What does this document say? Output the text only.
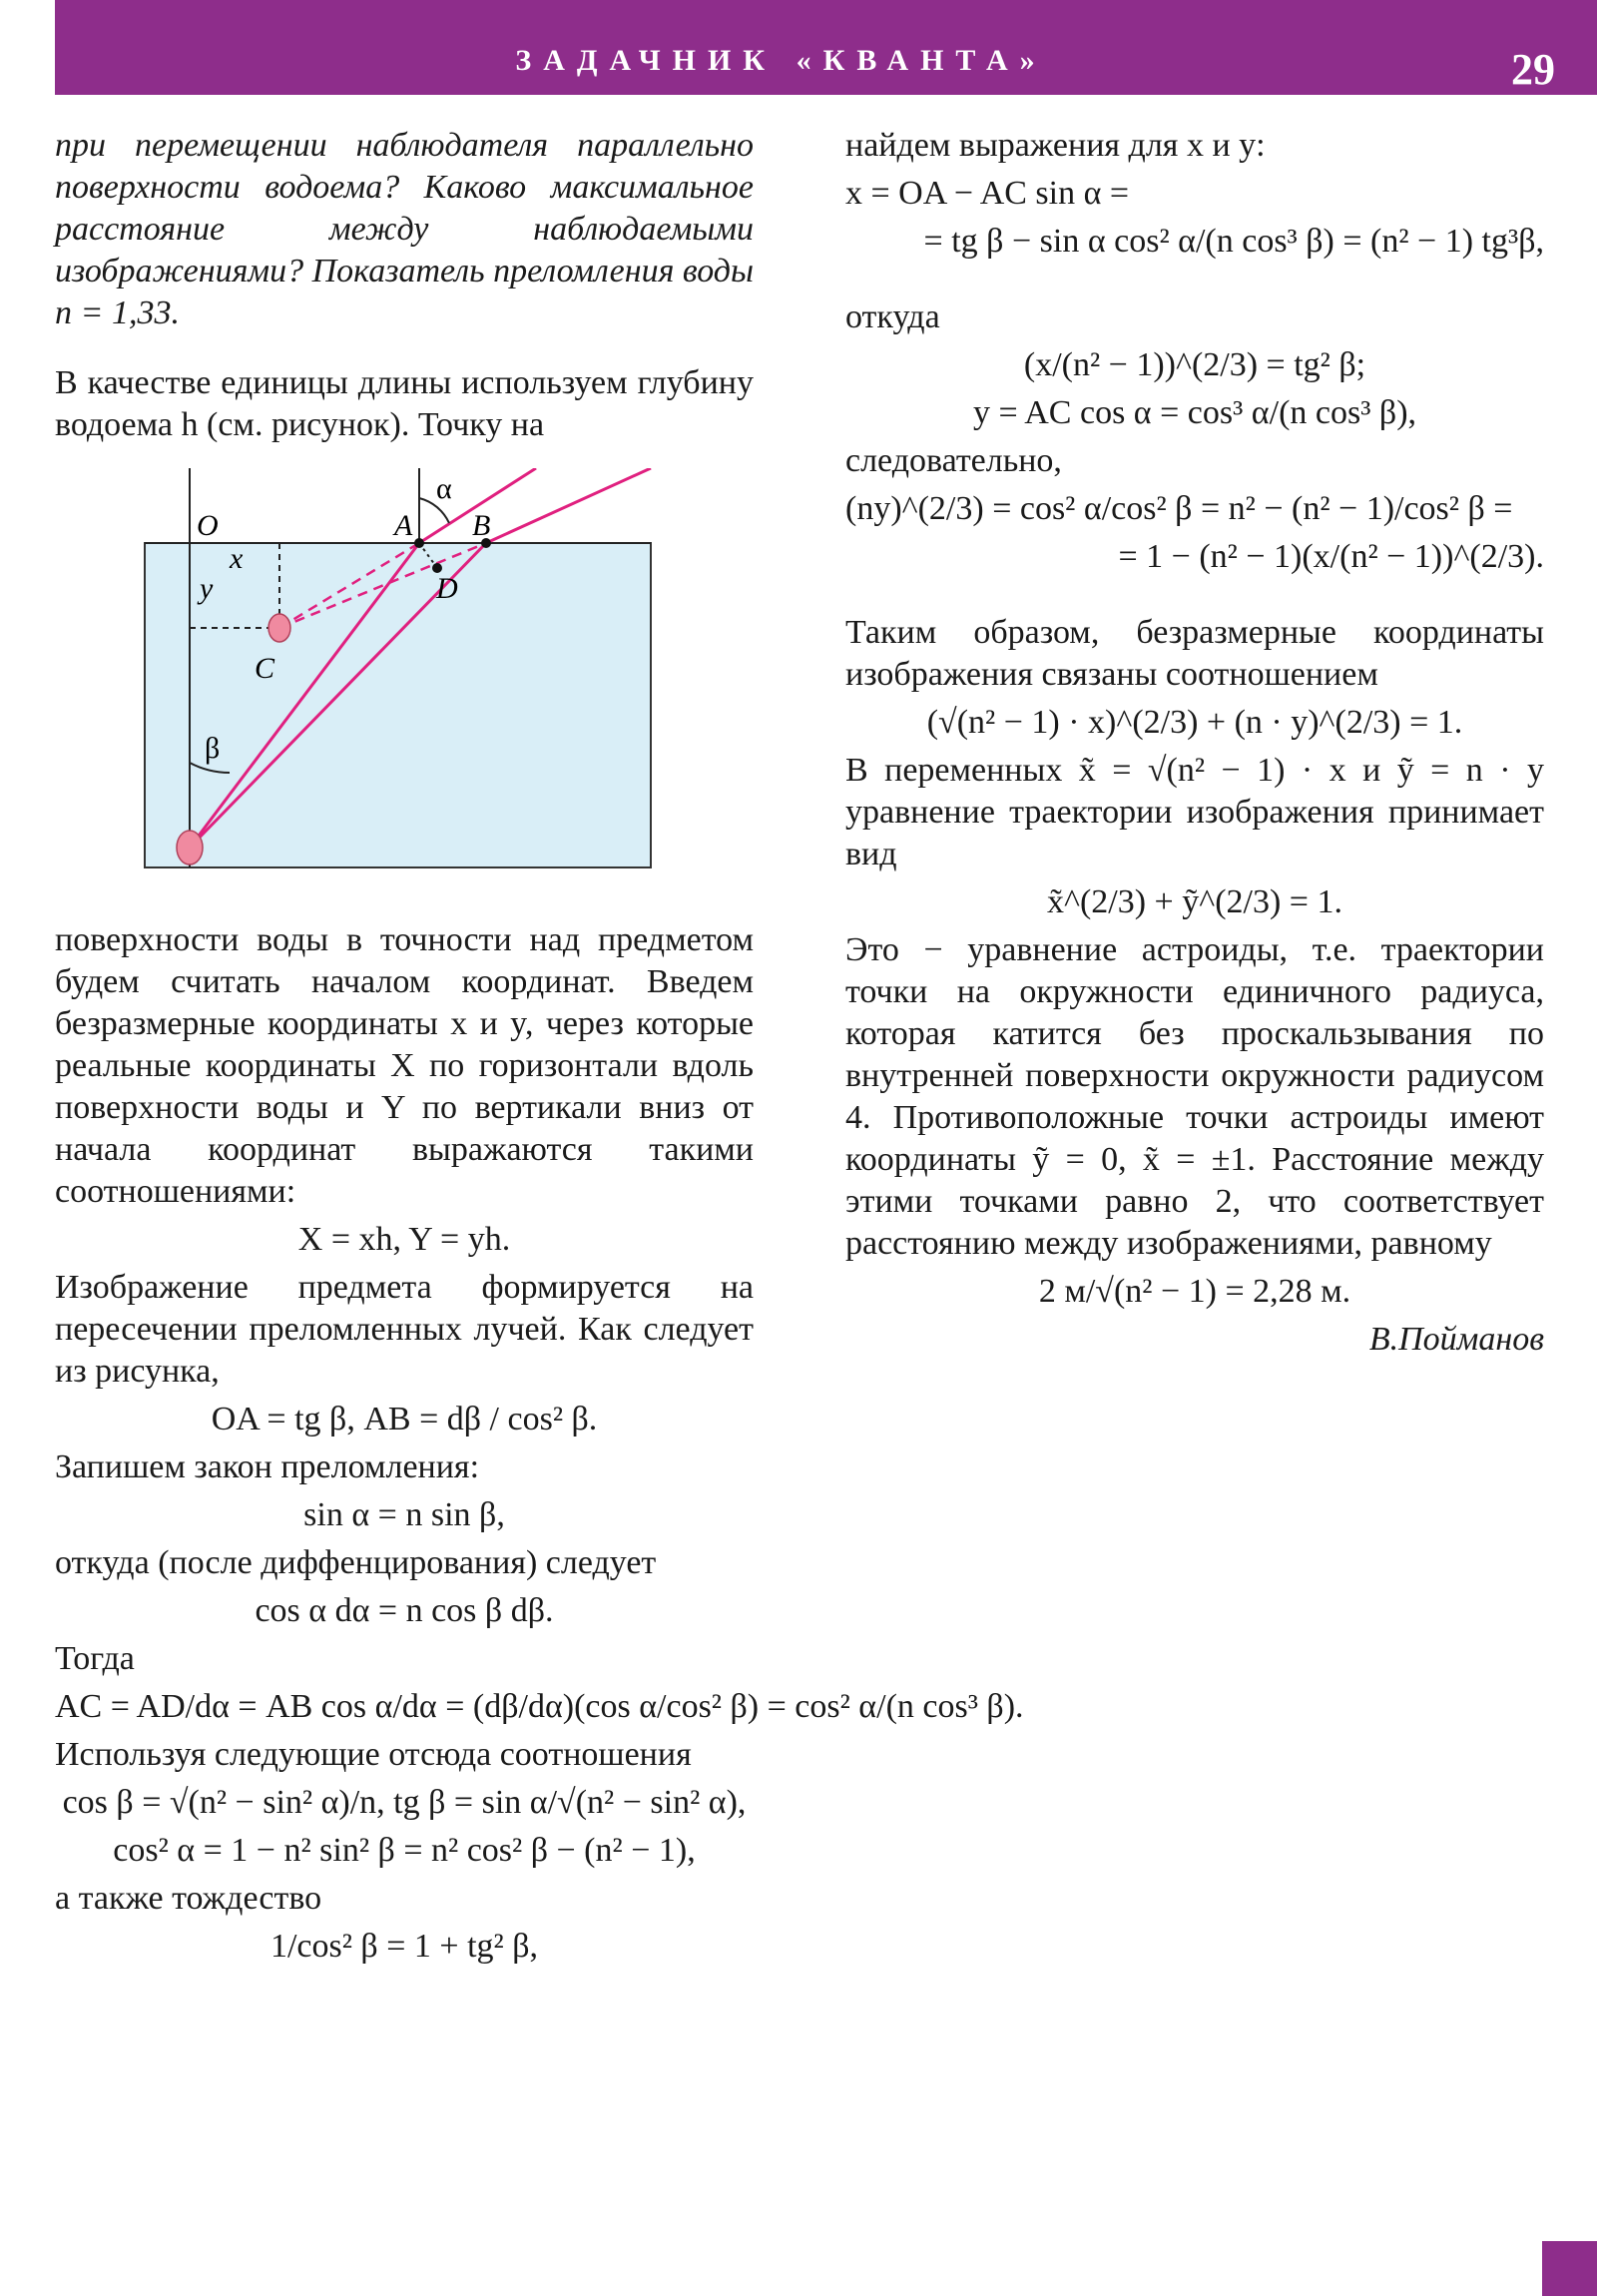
ЗАДАЧНИК «КВАНТА»	29

при перемещении наблюдателя параллельно поверхности водоема? Каково максимальное расстояние между наблюдаемыми изображениями? Показатель преломления воды n = 1,33.

В качестве единицы длины используем глубину водоема h (см. рисунок). Точку на

O	A B
D
C
x
y
α
β

поверхности воды в точности над предметом будем считать началом координат. Введем безразмерные координаты x и y, через которые реальные координаты X по горизонтали вдоль поверхности воды и Y по вертикали вниз от начала координат выражаются такими соотношениями:

X = xh, Y = yh.

Изображение предмета формируется на пересечении преломленных лучей. Как следует из рисунка,

OA = tg β, AB = dβ / cos² β.

Запишем закон преломления:

sin α = n sin β,

откуда (после диффенцирования) следует

cos α dα = n cos β dβ.

Тогда

AC = AD/dα = AB cos α/dα = (dβ/dα)(cos α/cos² β) = cos² α/(n cos³ β).

Используя следующие отсюда соотношения

cos β = √(n² − sin² α)/n, tg β = sin α/√(n² − sin² α),
cos² α = 1 − n² sin² β = n² cos² β − (n² − 1),

а также тождество

1/cos² β = 1 + tg² β,

найдем выражения для x и y:

x = OA − AC sin α =
= tg β − sin α cos² α/(n cos³ β) = (n² − 1) tg³β,

откуда

(x/(n² − 1))^(2/3) = tg² β;
y = AC cos α = cos³ α/(n cos³ β),

следовательно,

(ny)^(2/3) = cos² α/cos² β = n² − (n² − 1)/cos² β =
= 1 − (n² − 1)(x/(n² − 1))^(2/3).

Таким образом, безразмерные координаты изображения связаны соотношением

(√(n² − 1) · x)^(2/3) + (n · y)^(2/3) = 1.

В переменных x̃ = √(n² − 1) · x и ỹ = n · y уравнение траектории изображения принимает вид

x̃^(2/3) + ỹ^(2/3) = 1.

Это − уравнение астроиды, т.е. траектории точки на окружности единичного радиуса, которая катится без проскальзывания по внутренней поверхности окружности радиусом 4. Противоположные точки астроиды имеют координаты ỹ = 0, x̃ = ±1. Расстояние между этими точками равно 2, что соответствует расстоянию между изображениями, равному

2 м/√(n² − 1) = 2,28 м.
В.Пойманов
